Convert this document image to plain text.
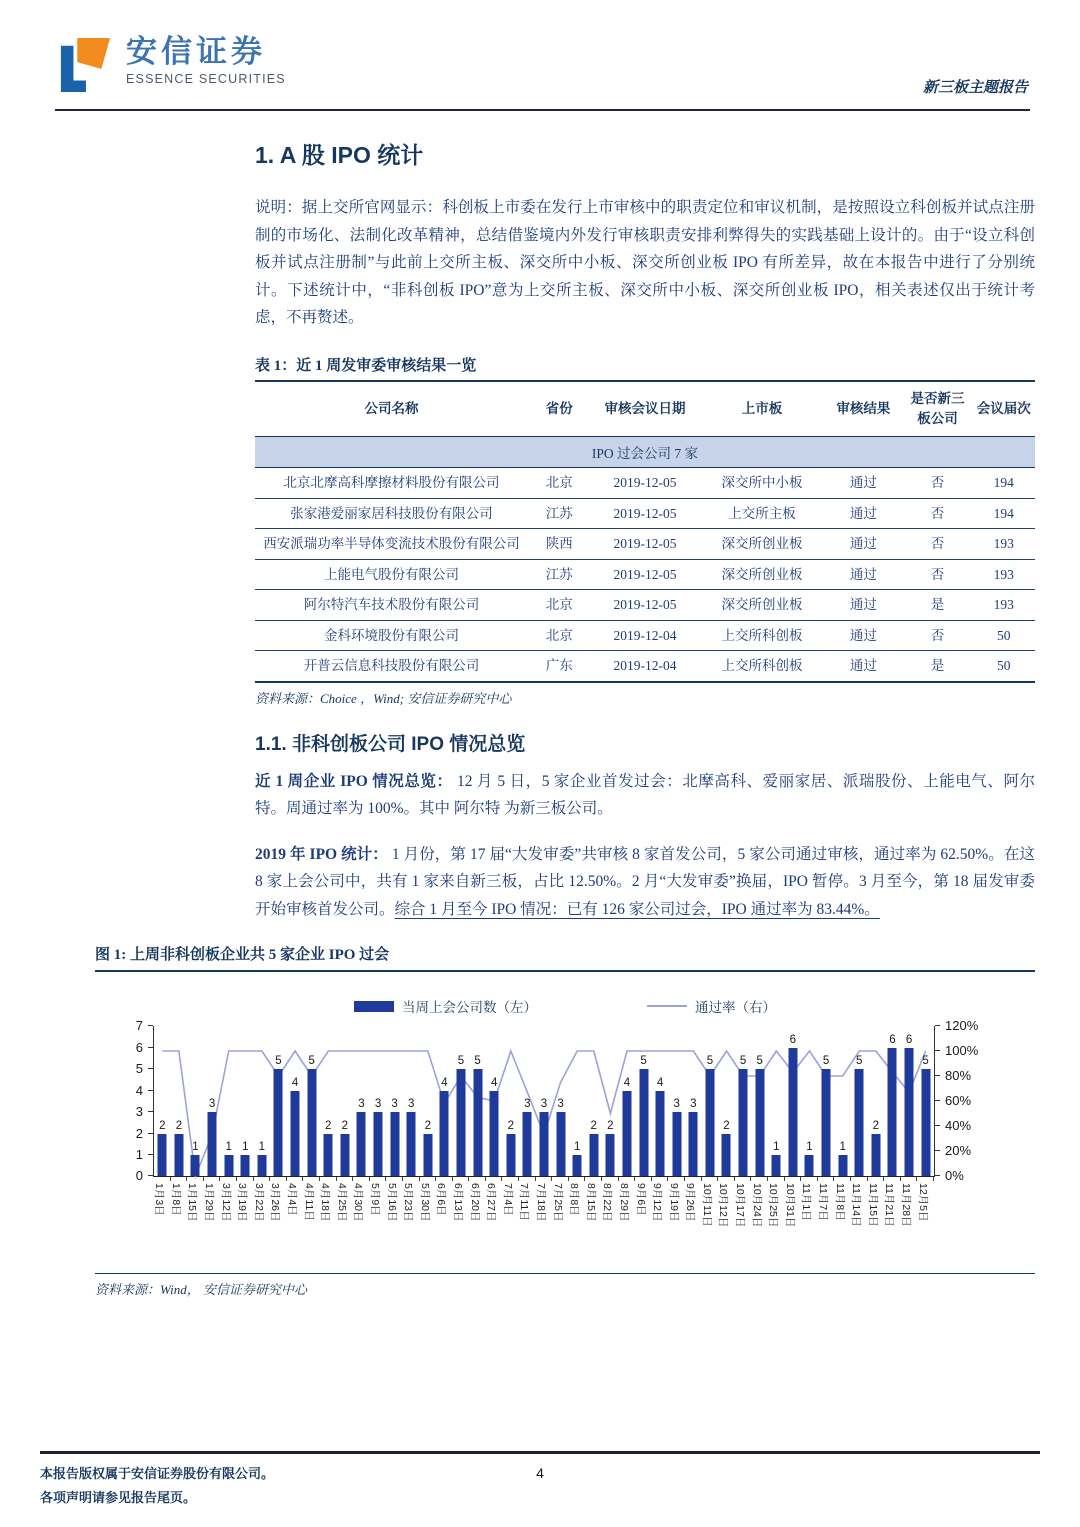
安信证券
ESSENCE SECURITIES
新三板主题报告
1. A 股 IPO 统计

说明：据上交所官网显示：科创板上市委在发行上市审核中的职责定位和审议机制，是按照设立科创板并试点注册制的市场化、法制化改革精神，总结借鉴境内外发行审核职责安排利弊得失的实践基础上设计的。由于“设立科创板并试点注册制”与此前上交所主板、深交所中小板、深交所创业板 IPO 有所差异，故在本报告中进行了分别统计。下述统计中，“非科创板 IPO”意为上交所主板、深交所中小板、深交所创业板 IPO，相关表述仅出于统计考虑，不再赘述。

表 1：近 1 周发审委审核结果一览
公司名称	省份	审核会议日期	上市板	审核结果	是否新三板公司	会议届次
IPO 过会公司 7 家						
北京北摩高科摩擦材料股份有限公司	北京	2019-12-05	深交所中小板	通过	否	194
张家港爱丽家居科技股份有限公司	江苏	2019-12-05	上交所主板	通过	否	194
西安派瑞功率半导体变流技术股份有限公司	陕西	2019-12-05	深交所创业板	通过	否	193
上能电气股份有限公司	江苏	2019-12-05	深交所创业板	通过	否	193
阿尔特汽车技术股份有限公司	北京	2019-12-05	深交所创业板	通过	是	193
金科环境股份有限公司	北京	2019-12-04	上交所科创板	通过	否	50
开普云信息科技股份有限公司	广东	2019-12-04	上交所科创板	通过	是	50
资料来源：Choice ，Wind; 安信证券研究中心
1.1. 非科创板公司 IPO 情况总览

近 1 周企业 IPO 情况总览： 12 月 5 日，5 家企业首发过会：北摩高科、爱丽家居、派瑞股份、上能电气、阿尔特。周通过率为 100%。其中 阿尔特 为新三板公司。

2019 年 IPO 统计： 1 月份，第 17 届“大发审委”共审核 8 家首发公司，5 家公司通过审核，通过率为 62.50%。在这 8 家上会公司中，共有 1 家来自新三板，占比 12.50%。2 月“大发审委”换届，IPO 暂停。3 月至今，第 18 届发审委开始审核首发公司。综合 1 月至今 IPO 情况：已有 126 家公司过会，IPO 通过率为 83.44%。

图 1: 上周非科创板企业共 5 家企业 IPO 过会
当周上会公司数（左）	通过率（右）
0
1
2
3
4
5
6
7
2
1月3日
2
1月8日
1
1月15日
3
1月29日
1
3月12日
1
3月19日
1
3月22日
5
3月26日
4
4月4日
5
4月11日
2
4月18日
2
4月25日
3
4月30日
3
5月9日
3
5月16日
3
5月23日
2
5月30日
4
6月6日
5
6月13日
5
6月20日
4
6月27日
2
7月4日
3
7月11日
3
7月18日
3
7月25日
1
8月8日
2
8月15日
2
8月22日
4
8月29日
5
9月6日
4
9月12日
3
9月19日
3
9月26日
5
10月11日
2
10月12日
5
10月17日
5
10月24日
1
10月25日
6
10月31日
1
11月1日
5
11月7日
1
11月8日
5
11月14日
2
11月15日
6
11月21日
6
11月28日
5
12月5日
0%
20%
40%
60%
80%
100%
120%
资料来源：Wind， 安信证券研究中心
本报告版权属于安信证券股份有限公司。
各项声明请参见报告尾页。
4
